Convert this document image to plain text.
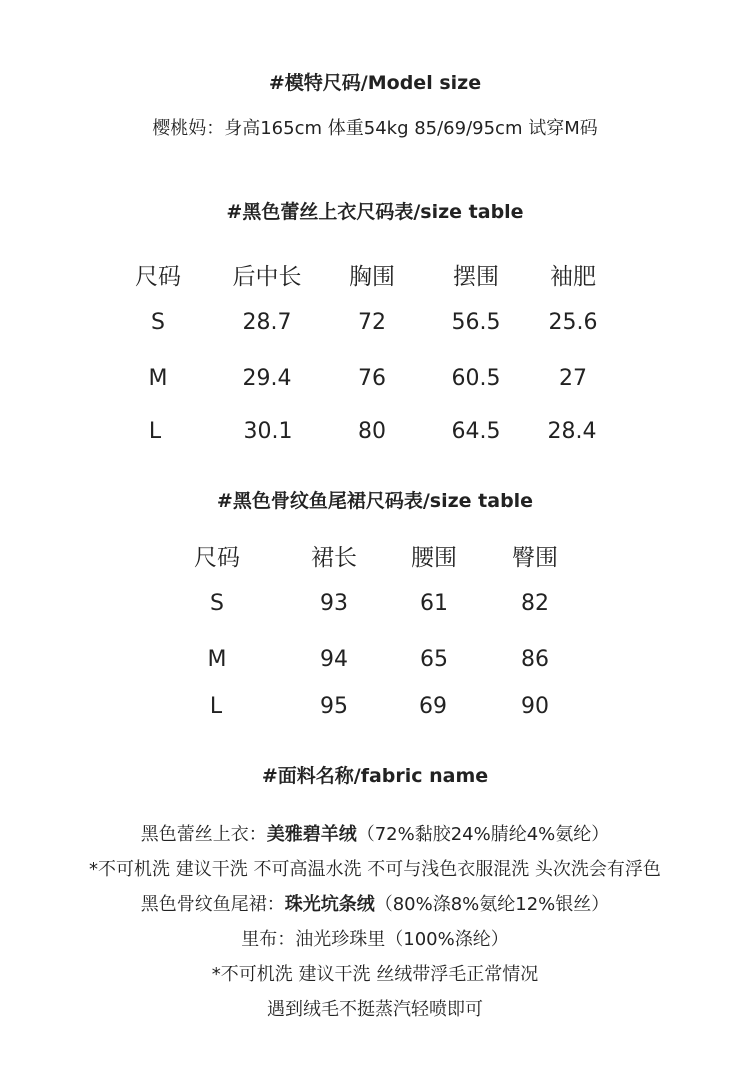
#模特尺码/Model size
樱桃妈：身高165cm 体重54kg 85/69/95cm 试穿M码
#黑色蕾丝上衣尺码表/size table
尺码 后中长 胸围	摆围 袖肥
S	28.7	72	56.5 25.6
M	29.4	76	60.5	27
L	30.1	80	64.5 28.4
#黑色骨纹鱼尾裙尺码表/size table
尺码	裙长 腰围 臀围
S	93	61	82
M	94	65	86
L	95	69	90
#面料名称/fabric name
黑色蕾丝上衣：美雅碧羊绒（72%黏胶24%腈纶4%氨纶）
*不可机洗 建议干洗 不可高温水洗 不可与浅色衣服混洗 头次洗会有浮色
黑色骨纹鱼尾裙：珠光坑条绒（80%涤8%氨纶12%银丝）
里布：油光珍珠里（100%涤纶）
*不可机洗 建议干洗 丝绒带浮毛正常情况
遇到绒毛不挺蒸汽轻喷即可
